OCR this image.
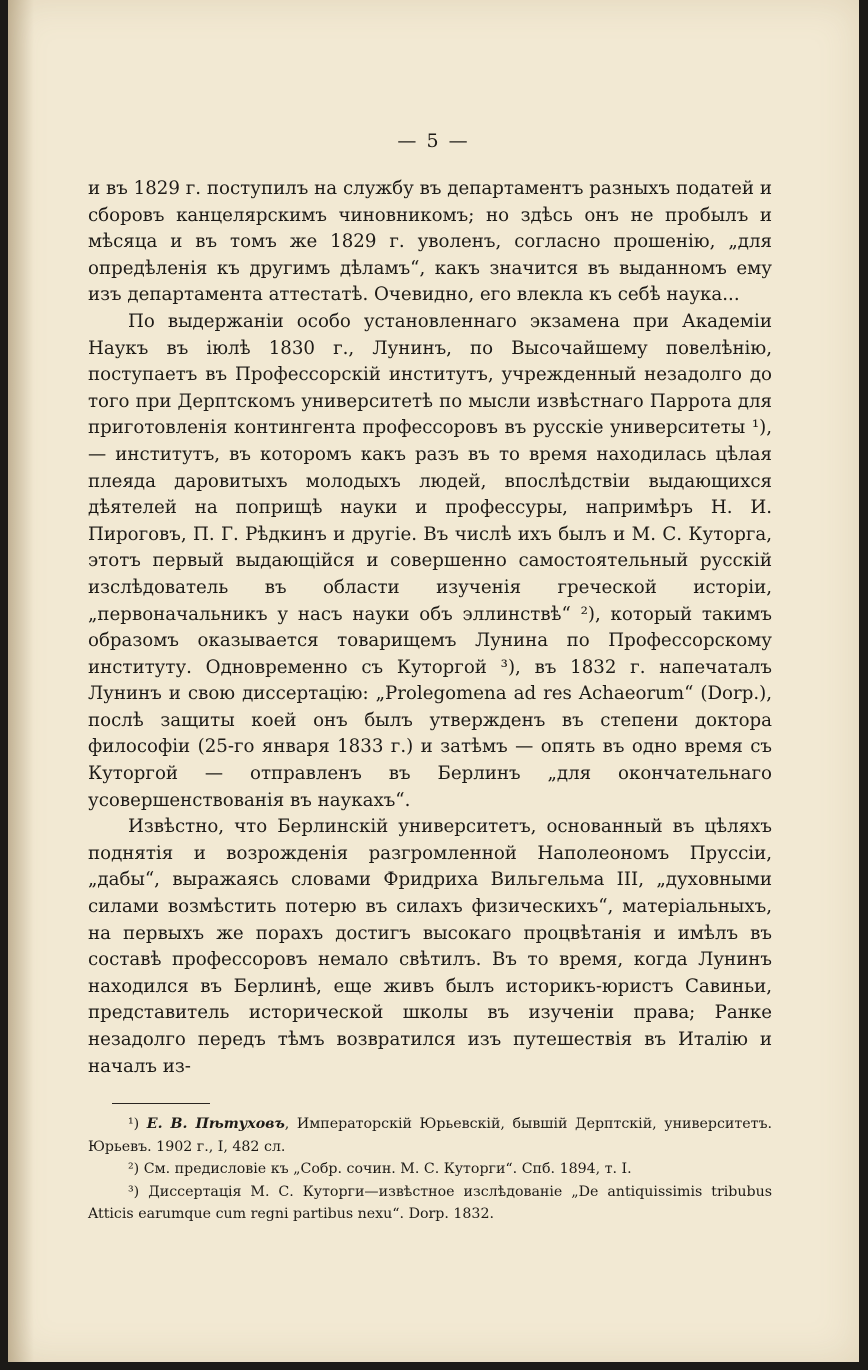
— 5 —

и въ 1829 г. поступилъ на службу въ департаментъ разныхъ податей и сборовъ канцелярскимъ чиновникомъ; но здѣсь онъ не пробылъ и мѣсяца и въ томъ же 1829 г. уволенъ, согласно прошенію, „для опредѣленія къ другимъ дѣламъ“, какъ значится въ выданномъ ему изъ департамента аттестатѣ. Очевидно, его влекла къ себѣ наука...

По выдержаніи особо установленнаго экзамена при Академіи Наукъ въ іюлѣ 1830 г., Лунинъ, по Высочайшему повелѣнію, поступаетъ въ Профессорскій институтъ, учрежденный незадолго до того при Дерптскомъ университетѣ по мысли извѣстнаго Паррота для приготовленія контингента профессоровъ въ русскіе университеты ¹), — институтъ, въ которомъ какъ разъ въ то время находилась цѣлая плеяда даровитыхъ молодыхъ людей, впослѣдствіи выдающихся дѣятелей на поприщѣ науки и профессуры, напримѣръ Н. И. Пироговъ, П. Г. Рѣдкинъ и другіе. Въ числѣ ихъ былъ и М. С. Куторга, этотъ первый выдающійся и совершенно самостоятельный русскій изслѣдователь въ области изученія греческой исторіи, „первоначальникъ у насъ науки объ эллинствѣ“ ²), который такимъ образомъ оказывается товарищемъ Лунина по Профессорскому институту. Одновременно съ Куторгой ³), въ 1832 г. напечаталъ Лунинъ и свою диссертацію: „Prolegomena ad res Achaeorum“ (Dorp.), послѣ защиты коей онъ былъ утвержденъ въ степени доктора философіи (25-го января 1833 г.) и затѣмъ — опять въ одно время съ Куторгой — отправленъ въ Берлинъ „для окончательнаго усовершенствованія въ наукахъ“.

Извѣстно, что Берлинскій университетъ, основанный въ цѣляхъ поднятія и возрожденія разгромленной Наполеономъ Пруссіи, „дабы“, выражаясь словами Фридриха Вильгельма III, „духовными силами возмѣстить потерю въ силахъ физическихъ“, матеріальныхъ, на первыхъ же порахъ достигъ высокаго процвѣтанія и имѣлъ въ составѣ профессоровъ немало свѣтилъ. Въ то время, когда Лунинъ находился въ Берлинѣ, еще живъ былъ историкъ-юристъ Савиньи, представитель исторической школы въ изученіи права; Ранке незадолго передъ тѣмъ возвратился изъ путешествія въ Италію и началъ из-

¹) Е. В. Пѣтуховъ, Императорскій Юрьевскій, бывшій Дерптскій, университетъ. Юрьевъ. 1902 г., I, 482 сл.

²) См. предисловіе къ „Собр. сочин. М. С. Куторги“. Спб. 1894, т. I.

³) Диссертація М. С. Куторги—извѣстное изслѣдованіе „De antiquissimis tribubus Atticis earumque cum regni partibus nexu“. Dorp. 1832.
